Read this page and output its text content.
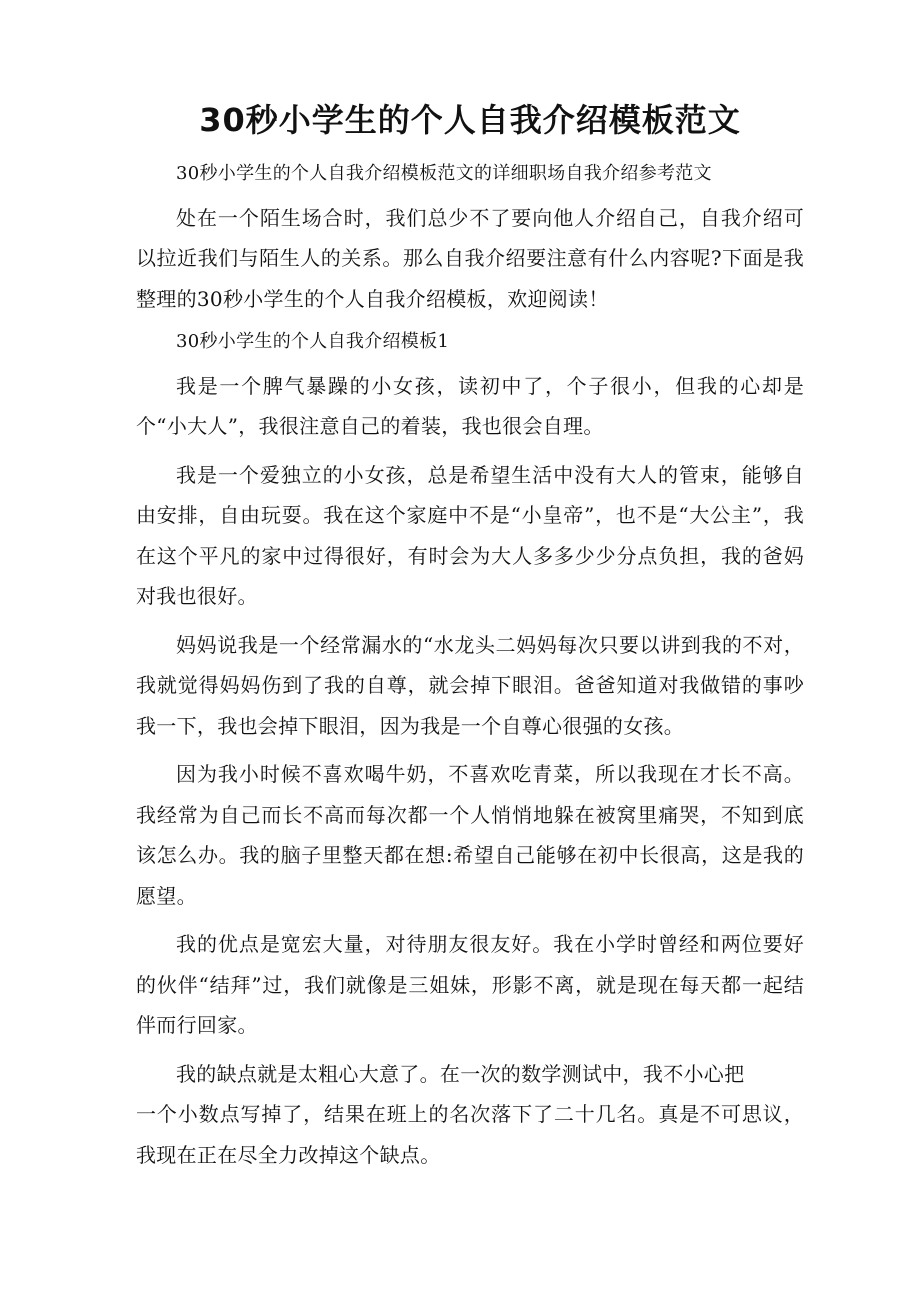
30秒小学生的个人自我介绍模板范文

30秒小学生的个人自我介绍模板范文的详细职场自我介绍参考范文

处在一个陌生场合时，我们总少不了要向他人介绍自己，自我介绍可以拉近我们与陌生人的关系。那么自我介绍要注意有什么内容呢?下面是我整理的30秒小学生的个人自我介绍模板，欢迎阅读！

30秒小学生的个人自我介绍模板1

我是一个脾气暴躁的小女孩，读初中了，个子很小，但我的心却是个“小大人”，我很注意自己的着装，我也很会自理。

我是一个爱独立的小女孩，总是希望生活中没有大人的管束，能够自由安排，自由玩耍。我在这个家庭中不是“小皇帝”，也不是“大公主”，我在这个平凡的家中过得很好，有时会为大人多多少少分点负担，我的爸妈对我也很好。

妈妈说我是一个经常漏水的“水龙头二妈妈每次只要以讲到我的不对，我就觉得妈妈伤到了我的自尊，就会掉下眼泪。爸爸知道对我做错的事吵我一下，我也会掉下眼泪，因为我是一个自尊心很强的女孩。

因为我小时候不喜欢喝牛奶，不喜欢吃青菜，所以我现在才长不高。我经常为自己而长不高而每次都一个人悄悄地躲在被窝里痛哭，不知到底该怎么办。我的脑子里整天都在想:希望自己能够在初中长很高，这是我的愿望。

我的优点是宽宏大量，对待朋友很友好。我在小学时曾经和两位要好的伙伴“结拜”过，我们就像是三姐妹，形影不离，就是现在每天都一起结伴而行回家。

我的缺点就是太粗心大意了。在一次的数学测试中，我不小心把

一个小数点写掉了，结果在班上的名次落下了二十几名。真是不可思议，我现在正在尽全力改掉这个缺点。
